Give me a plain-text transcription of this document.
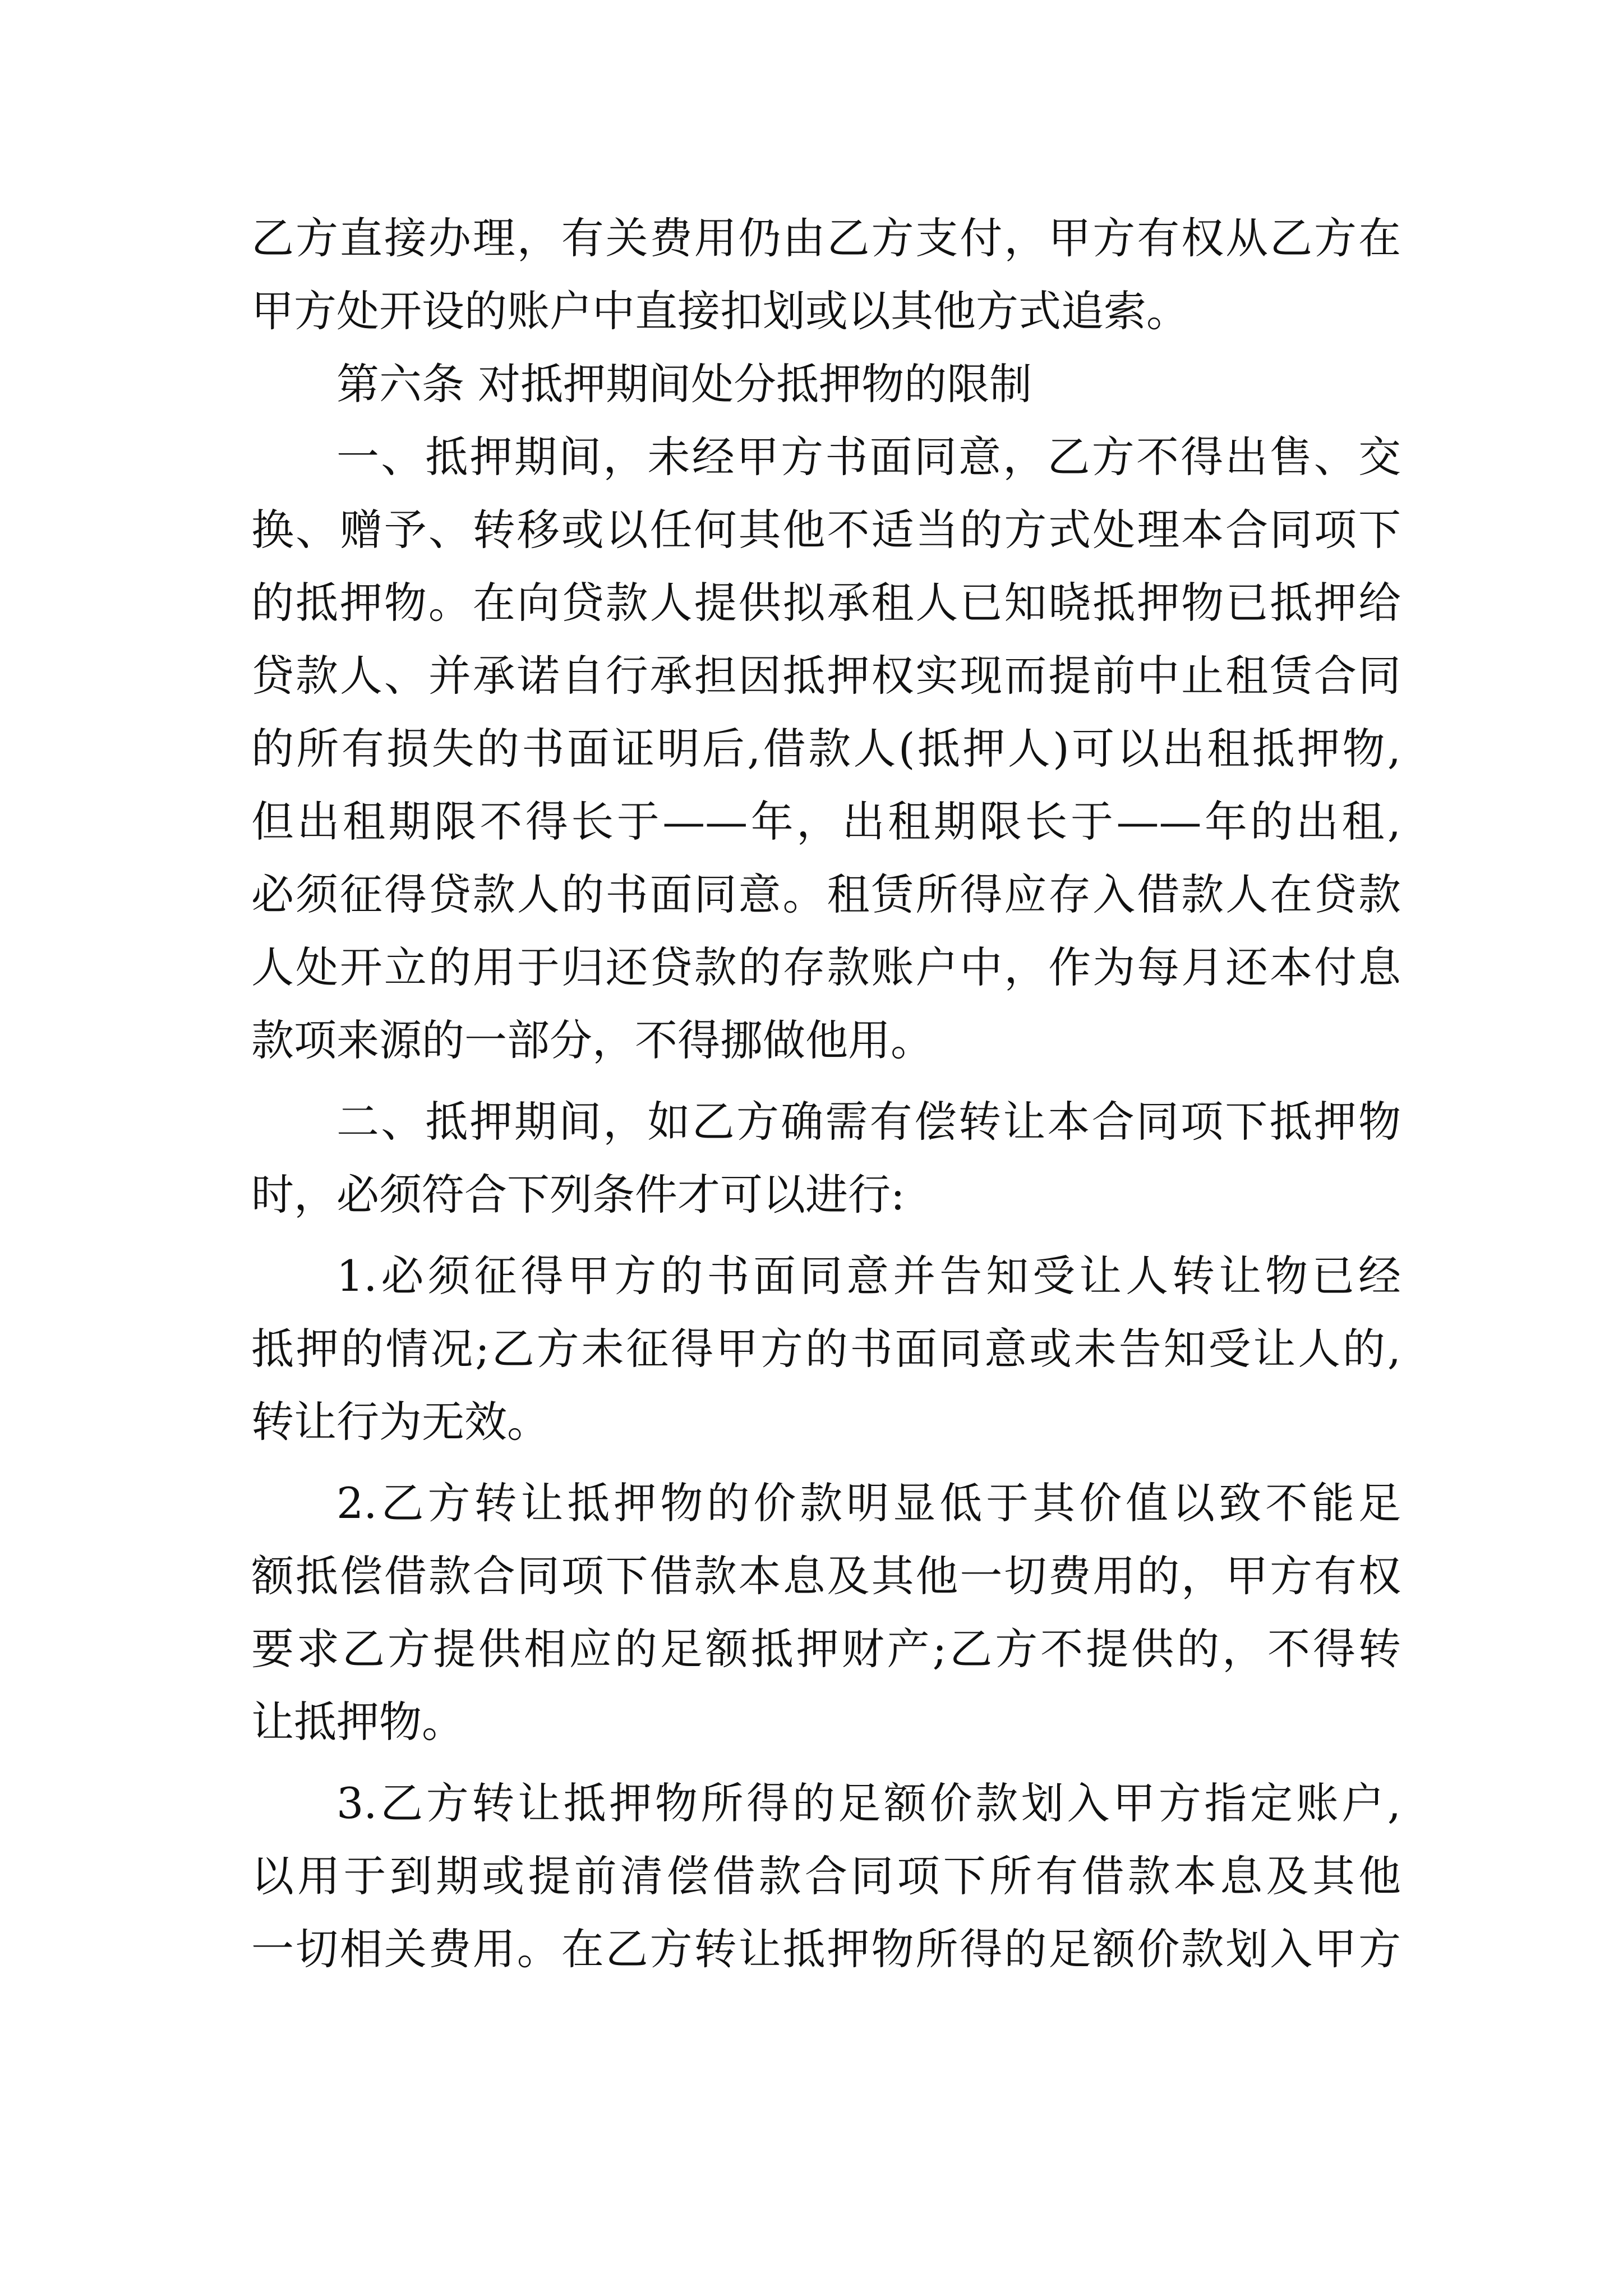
乙方直接办理，有关费用仍由乙方支付，甲方有权从乙方在
甲方处开设的账户中直接扣划或以其他方式追索。
第六条 对抵押期间处分抵押物的限制
一、抵押期间，未经甲方书面同意，乙方不得出售、交
换、赠予、转移或以任何其他不适当的方式处理本合同项下
的抵押物。在向贷款人提供拟承租人已知晓抵押物已抵押给
贷款人、并承诺自行承担因抵押权实现而提前中止租赁合同
的所有损失的书面证明后,借款人(抵押人)可以出租抵押物,
但出租期限不得长于——年，出租期限长于——年的出租,
必须征得贷款人的书面同意。租赁所得应存入借款人在贷款
人处开立的用于归还贷款的存款账户中，作为每月还本付息
款项来源的一部分，不得挪做他用。
二、抵押期间，如乙方确需有偿转让本合同项下抵押物
时，必须符合下列条件才可以进行:
1.必须征得甲方的书面同意并告知受让人转让物已经
抵押的情况;乙方未征得甲方的书面同意或未告知受让人的,
转让行为无效。
2.乙方转让抵押物的价款明显低于其价值以致不能足
额抵偿借款合同项下借款本息及其他一切费用的，甲方有权
要求乙方提供相应的足额抵押财产;乙方不提供的，不得转
让抵押物。
3.乙方转让抵押物所得的足额价款划入甲方指定账户,
以用于到期或提前清偿借款合同项下所有借款本息及其他
一切相关费用。在乙方转让抵押物所得的足额价款划入甲方
